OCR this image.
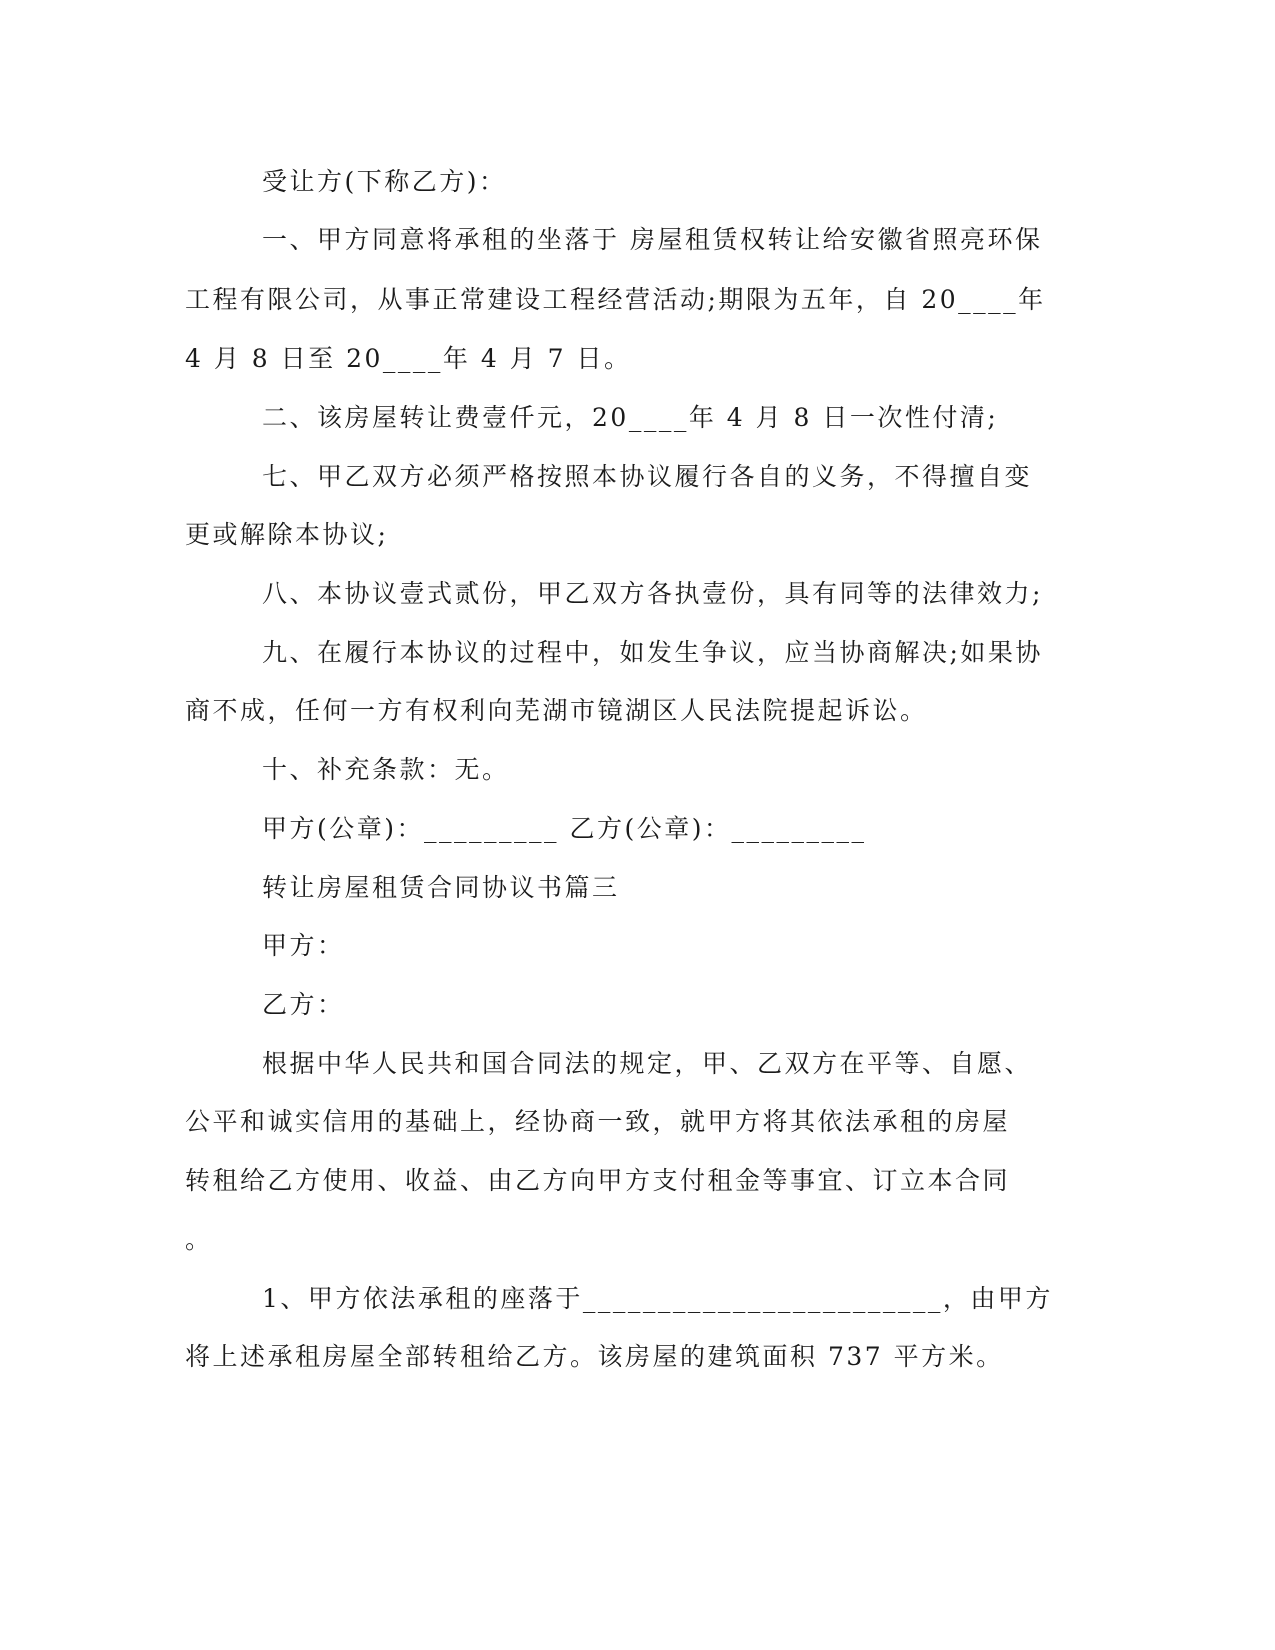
受让方(下称乙方)：
一、甲方同意将承租的坐落于 房屋租赁权转让给安徽省照亮环保
工程有限公司，从事正常建设工程经营活动;期限为五年，自 20____年
4 月 8 日至 20____年 4 月 7 日。
二、该房屋转让费壹仟元，20____年 4 月 8 日一次性付清;
七、甲乙双方必须严格按照本协议履行各自的义务，不得擅自变
更或解除本协议;
八、本协议壹式贰份，甲乙双方各执壹份，具有同等的法律效力;
九、在履行本协议的过程中，如发生争议，应当协商解决;如果协
商不成，任何一方有权利向芜湖市镜湖区人民法院提起诉讼。
十、补充条款：无。
甲方(公章)：_________ 乙方(公章)：_________
转让房屋租赁合同协议书篇三
甲方：
乙方：
根据中华人民共和国合同法的规定，甲、乙双方在平等、自愿、
公平和诚实信用的基础上，经协商一致，就甲方将其依法承租的房屋
转租给乙方使用、收益、由乙方向甲方支付租金等事宜、订立本合同
。
1、甲方依法承租的座落于________________________，由甲方
将上述承租房屋全部转租给乙方。该房屋的建筑面积 737 平方米。
